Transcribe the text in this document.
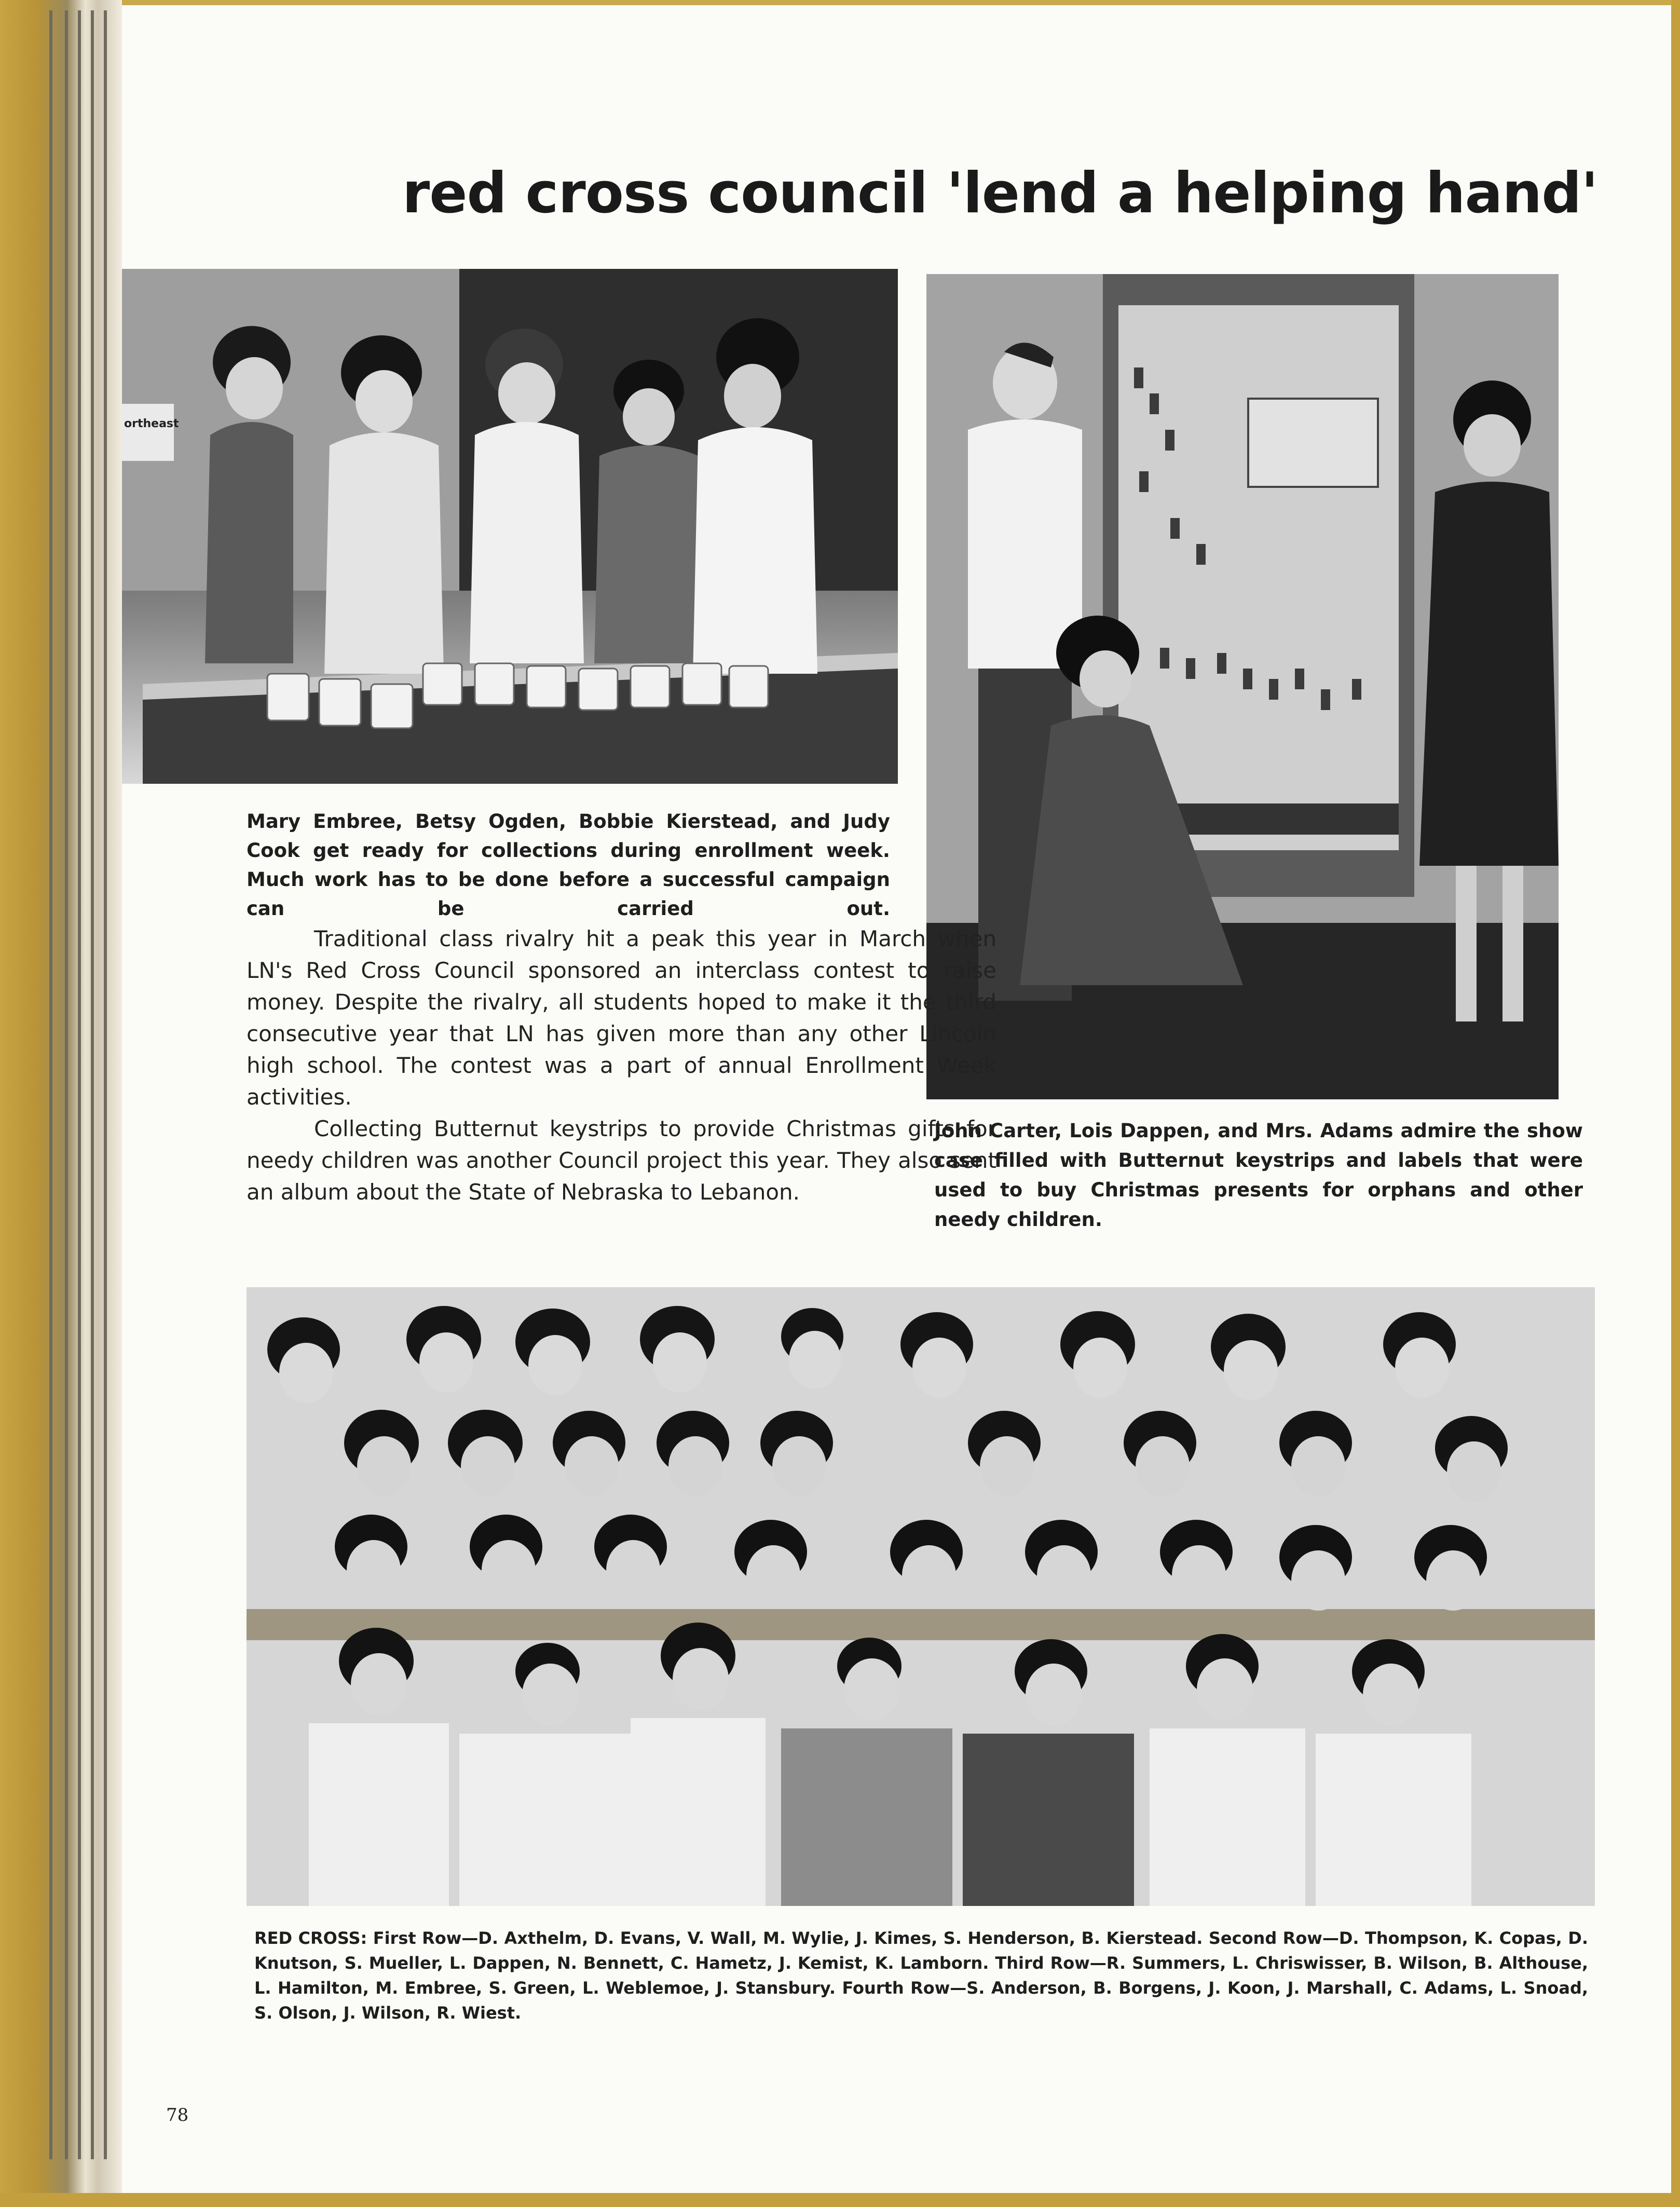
red cross council 'lend a helping hand'
ortheast

Mary Embree, Betsy Ogden, Bobbie Kierstead, and Judy Cook get ready for collections during enrollment week. Much work has to be done before a successful campaign can be carried out.

Traditional class rivalry hit a peak this year in March when LN's Red Cross Council sponsored an interclass contest to raise money. Despite the rivalry, all students hoped to make it the third consecutive year that LN has given more than any other Lincoln high school. The contest was a part of annual Enrollment Week activities.

Collecting Butternut keystrips to provide Christmas gifts for needy children was another Council project this year. They also sent an album about the State of Nebraska to Lebanon.

John Carter, Lois Dappen, and Mrs. Adams admire the show case filled with Butternut keystrips and labels that were used to buy Christmas presents for orphans and other needy children.

RED CROSS: First Row—D. Axthelm, D. Evans, V. Wall, M. Wylie, J. Kimes, S. Henderson, B. Kierstead. Second Row—D. Thompson, K. Copas, D. Knutson, S. Mueller, L. Dappen, N. Bennett, C. Hametz, J. Kemist, K. Lamborn. Third Row—R. Summers, L. Chriswisser, B. Wilson, B. Althouse, L. Hamilton, M. Embree, S. Green, L. Weblemoe, J. Stansbury. Fourth Row—S. Anderson, B. Borgens, J. Koon, J. Marshall, C. Adams, L. Snoad, S. Olson, J. Wilson, R. Wiest.

78
